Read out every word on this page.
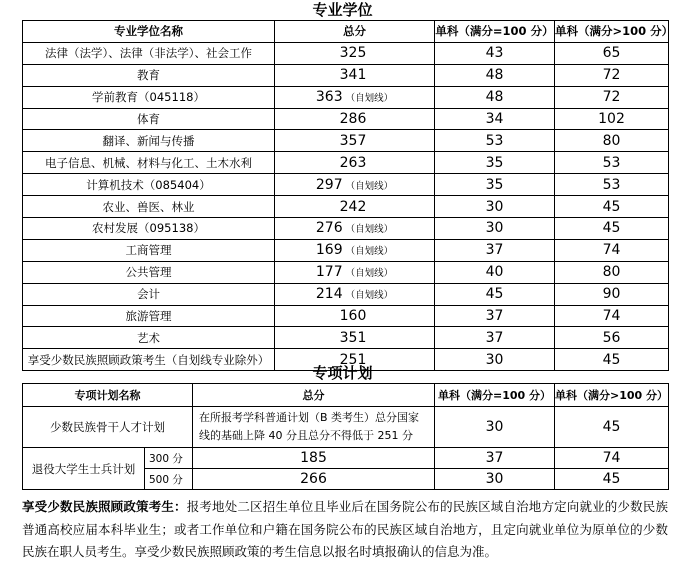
专业学位
专业学位名称	总分	单科（满分=100 分）	单科（满分>100 分）
法律（法学）、法律（非法学）、社会工作	325	43	65
教育	341	48	72
学前教育（045118）	363 （自划线）	48	72
体育	286	34	102
翻译、新闻与传播	357	53	80
电子信息、机械、材料与化工、土木水利	263	35	53
计算机技术（085404）	297 （自划线）	35	53
农业、兽医、林业	242	30	45
农村发展（095138）	276 （自划线）	30	45
工商管理	169 （自划线）	37	74
公共管理	177 （自划线）	40	80
会计	214 （自划线）	45	90
旅游管理	160	37	74
艺术	351	37	56
享受少数民族照顾政策考生（自划线专业除外）	251	30	45
专项计划
专项计划名称		总分	单科（满分=100 分）	单科（满分>100 分）
少数民族骨干人才计划		在所报考学科普通计划（B 类考生）总分国家线的基础上降 40 分且总分不得低于 251 分	30	45
退役大学生士兵计划	300 分	185	37	74
	500 分	266	30	45
享受少数民族照顾政策考生：报考地处二区招生单位且毕业后在国务院公布的民族区域自治地方定向就业的少数民族普通高校应届本科毕业生；或者工作单位和户籍在国务院公布的民族区域自治地方，且定向就业单位为原单位的少数民族在职人员考生。享受少数民族照顾政策的考生信息以报名时填报确认的信息为准。
